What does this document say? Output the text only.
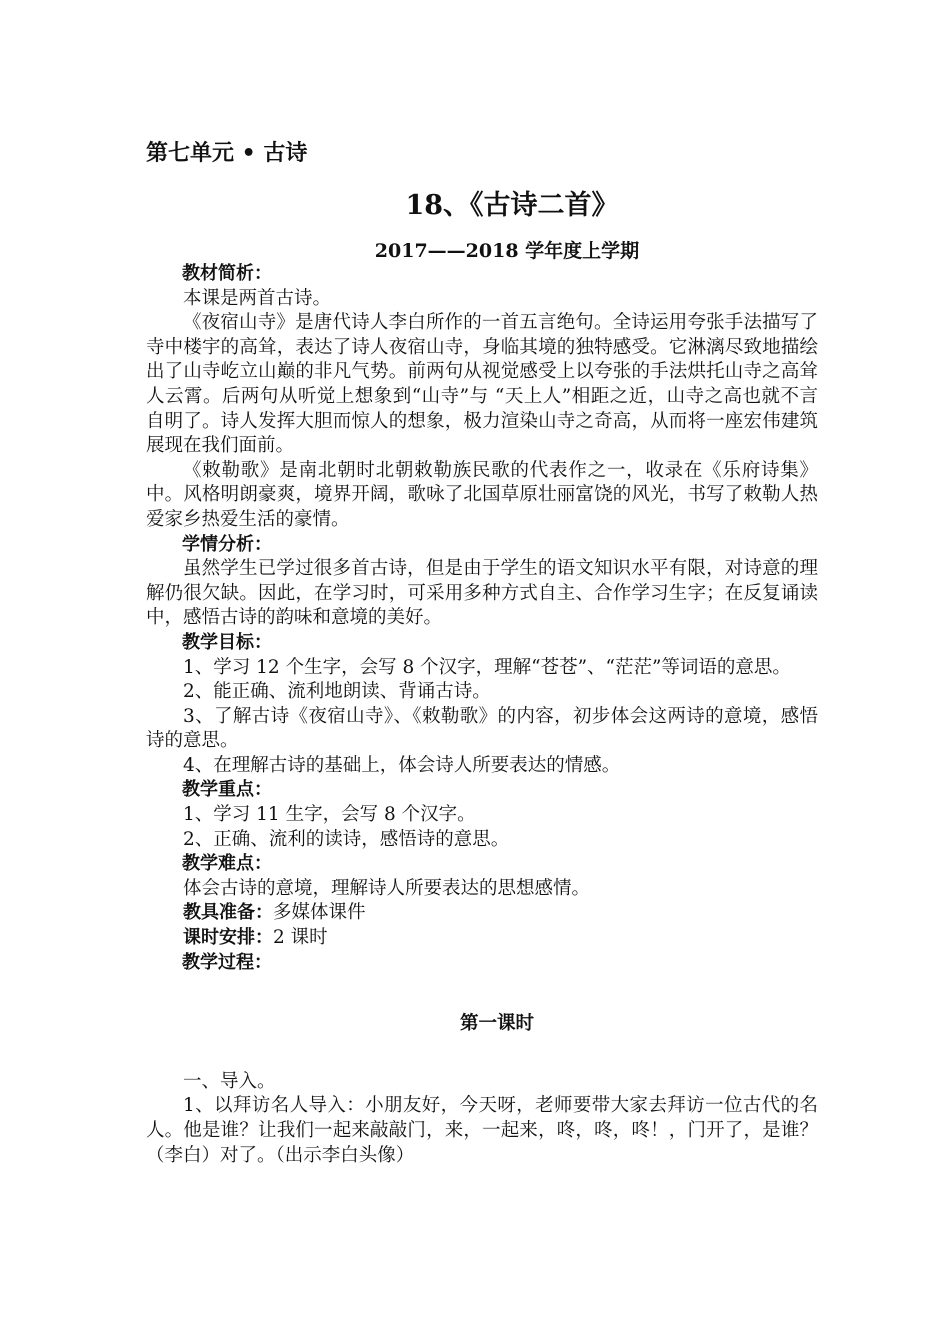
第七单元 • 古诗
18、《古诗二首》
2017——2018 学年度上学期

教材简析：

本课是两首古诗。

《夜宿山寺》是唐代诗人李白所作的一首五言绝句。全诗运用夸张手法描写了寺中楼宇的高耸，表达了诗人夜宿山寺，身临其境的独特感受。它淋漓尽致地描绘出了山寺屹立山巅的非凡气势。前两句从视觉感受上以夸张的手法烘托山寺之高耸人云霄。后两句从听觉上想象到“山寺”与 “天上人”相距之近，山寺之高也就不言自明了。诗人发挥大胆而惊人的想象，极力渲染山寺之奇高，从而将一座宏伟建筑展现在我们面前。

《敕勒歌》是南北朝时北朝敕勒族民歌的代表作之一，收录在《乐府诗集》中。风格明朗豪爽，境界开阔，歌咏了北国草原壮丽富饶的风光，书写了敕勒人热爱家乡热爱生活的豪情。

学情分析：

虽然学生已学过很多首古诗，但是由于学生的语文知识水平有限，对诗意的理解仍很欠缺。因此，在学习时，可采用多种方式自主、合作学习生字；在反复诵读中，感悟古诗的韵味和意境的美好。

教学目标：

1、学习 12 个生字，会写 8 个汉字，理解“苍苍”、“茫茫”等词语的意思。

2、能正确、流利地朗读、背诵古诗。

3、了解古诗《夜宿山寺》、《敕勒歌》的内容，初步体会这两诗的意境，感悟诗的意思。

4、在理解古诗的基础上，体会诗人所要表达的情感。

教学重点：

1、学习 11 生字，会写 8 个汉字。

2、正确、流利的读诗，感悟诗的意思。

教学难点：

体会古诗的意境，理解诗人所要表达的思想感情。

教具准备：多媒体课件

课时安排：2 课时

教学过程：

第一课时

一、导入。

1、以拜访名人导入：小朋友好，今天呀，老师要带大家去拜访一位古代的名人。他是谁？让我们一起来敲敲门，来，一起来，咚，咚，咚！，门开了，是谁？（李白）对了。（出示李白头像）
